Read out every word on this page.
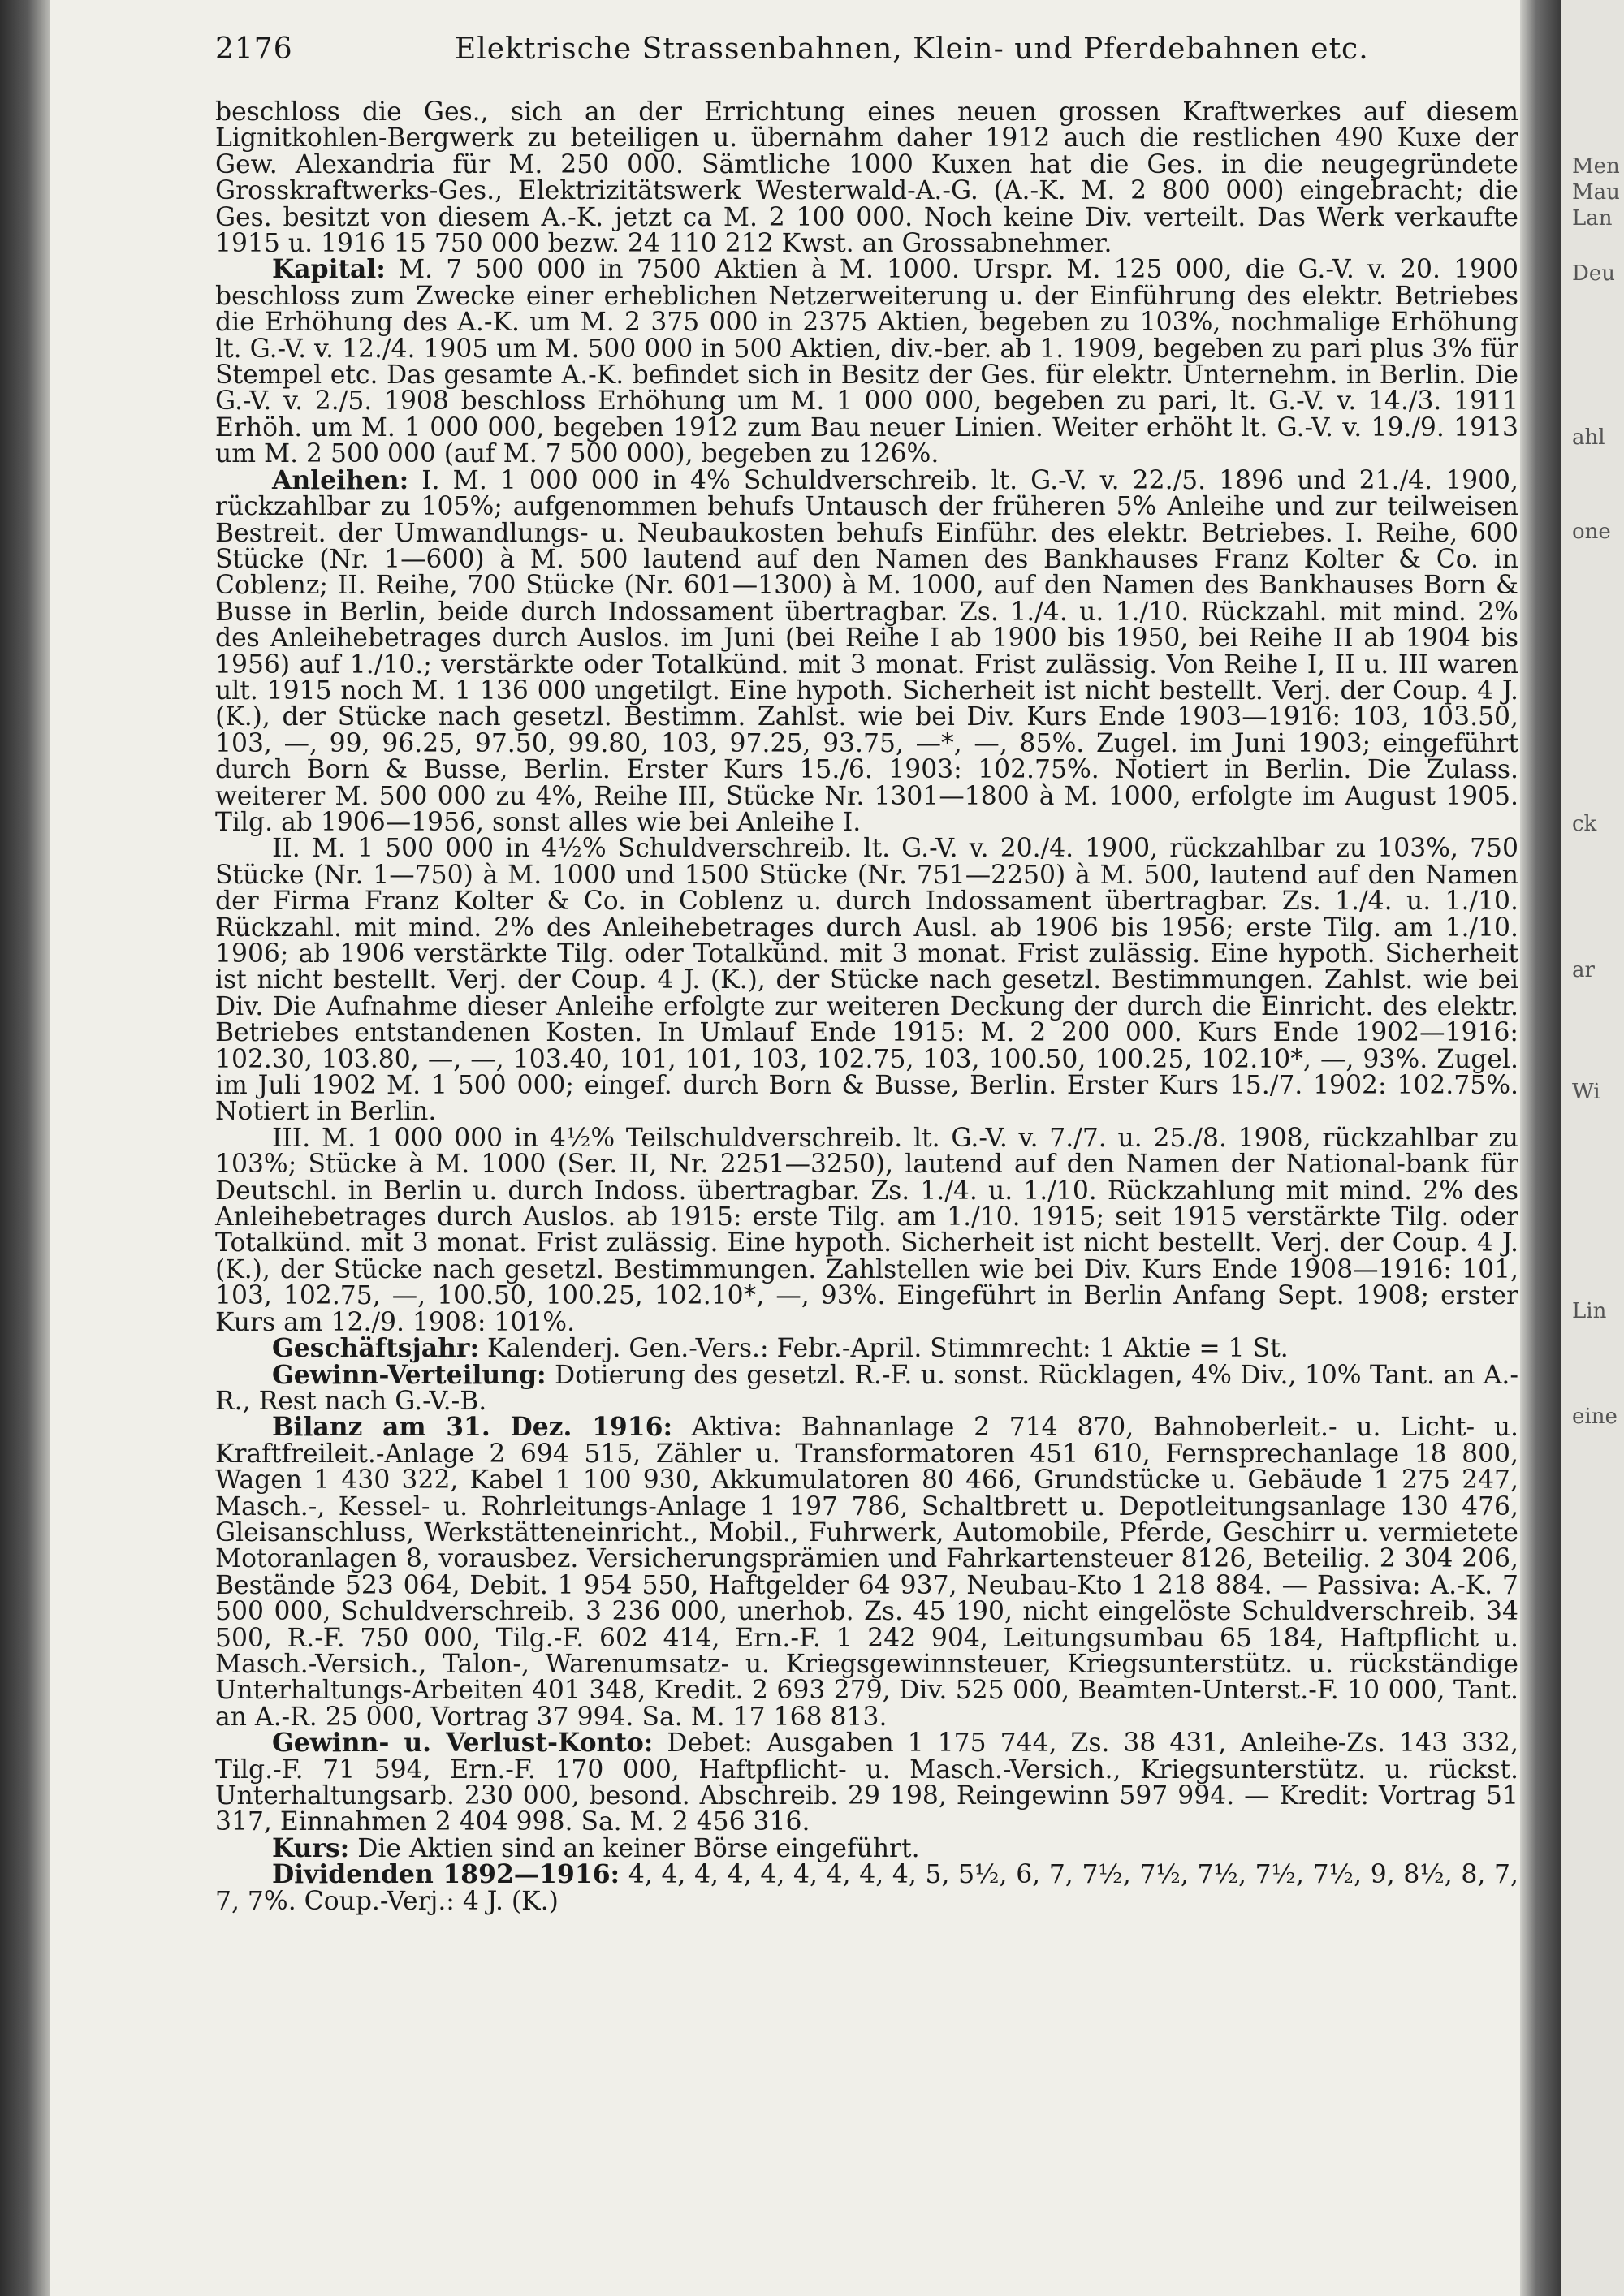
Men
Mau
Lan
Deu
ahl
one
ck
ar
Wi
Lin
eine
2176	Elektrische Strassenbahnen, Klein- und Pferdebahnen etc.

beschloss die Ges., sich an der Errichtung eines neuen grossen Kraftwerkes auf diesem Lignitkohlen-Bergwerk zu beteiligen u. übernahm daher 1912 auch die restlichen 490 Kuxe der Gew. Alexandria für M. 250 000. Sämtliche 1000 Kuxen hat die Ges. in die neugegründete Grosskraftwerks-Ges., Elektrizitätswerk Westerwald-A.-G. (A.-K. M. 2 800 000) eingebracht; die Ges. besitzt von diesem A.-K. jetzt ca M. 2 100 000. Noch keine Div. verteilt. Das Werk verkaufte 1915 u. 1916 15 750 000 bezw. 24 110 212 Kwst. an Grossabnehmer.

Kapital: M. 7 500 000 in 7500 Aktien à M. 1000. Urspr. M. 125 000, die G.-V. v. 20. 1900 beschloss zum Zwecke einer erheblichen Netzerweiterung u. der Einführung des elektr. Betriebes die Erhöhung des A.-K. um M. 2 375 000 in 2375 Aktien, begeben zu 103%, nochmalige Erhöhung lt. G.-V. v. 12./4. 1905 um M. 500 000 in 500 Aktien, div.-ber. ab 1. 1909, begeben zu pari plus 3% für Stempel etc. Das gesamte A.-K. befindet sich in Besitz der Ges. für elektr. Unternehm. in Berlin. Die G.-V. v. 2./5. 1908 beschloss Erhöhung um M. 1 000 000, begeben zu pari, lt. G.-V. v. 14./3. 1911 Erhöh. um M. 1 000 000, begeben 1912 zum Bau neuer Linien. Weiter erhöht lt. G.-V. v. 19./9. 1913 um M. 2 500 000 (auf M. 7 500 000), begeben zu 126%.

Anleihen: I. M. 1 000 000 in 4% Schuldverschreib. lt. G.-V. v. 22./5. 1896 und 21./4. 1900, rückzahlbar zu 105%; aufgenommen behufs Untausch der früheren 5% Anleihe und zur teilweisen Bestreit. der Umwandlungs- u. Neubaukosten behufs Einführ. des elektr. Betriebes. I. Reihe, 600 Stücke (Nr. 1—600) à M. 500 lautend auf den Namen des Bankhauses Franz Kolter & Co. in Coblenz; II. Reihe, 700 Stücke (Nr. 601—1300) à M. 1000, auf den Namen des Bankhauses Born & Busse in Berlin, beide durch Indossament übertragbar. Zs. 1./4. u. 1./10. Rückzahl. mit mind. 2% des Anleihebetrages durch Auslos. im Juni (bei Reihe I ab 1900 bis 1950, bei Reihe II ab 1904 bis 1956) auf 1./10.; verstärkte oder Totalkünd. mit 3 monat. Frist zulässig. Von Reihe I, II u. III waren ult. 1915 noch M. 1 136 000 ungetilgt. Eine hypoth. Sicherheit ist nicht bestellt. Verj. der Coup. 4 J. (K.), der Stücke nach gesetzl. Bestimm. Zahlst. wie bei Div. Kurs Ende 1903—1916: 103, 103.50, 103, —, 99, 96.25, 97.50, 99.80, 103, 97.25, 93.75, —*, —, 85%. Zugel. im Juni 1903; eingeführt durch Born & Busse, Berlin. Erster Kurs 15./6. 1903: 102.75%. Notiert in Berlin. Die Zulass. weiterer M. 500 000 zu 4%, Reihe III, Stücke Nr. 1301—1800 à M. 1000, erfolgte im August 1905. Tilg. ab 1906—1956, sonst alles wie bei Anleihe I.

II. M. 1 500 000 in 4½% Schuldverschreib. lt. G.-V. v. 20./4. 1900, rückzahlbar zu 103%, 750 Stücke (Nr. 1—750) à M. 1000 und 1500 Stücke (Nr. 751—2250) à M. 500, lautend auf den Namen der Firma Franz Kolter & Co. in Coblenz u. durch Indossament übertragbar. Zs. 1./4. u. 1./10. Rückzahl. mit mind. 2% des Anleihebetrages durch Ausl. ab 1906 bis 1956; erste Tilg. am 1./10. 1906; ab 1906 verstärkte Tilg. oder Totalkünd. mit 3 monat. Frist zulässig. Eine hypoth. Sicherheit ist nicht bestellt. Verj. der Coup. 4 J. (K.), der Stücke nach gesetzl. Bestimmungen. Zahlst. wie bei Div. Die Aufnahme dieser Anleihe erfolgte zur weiteren Deckung der durch die Einricht. des elektr. Betriebes entstandenen Kosten. In Umlauf Ende 1915: M. 2 200 000. Kurs Ende 1902—1916: 102.30, 103.80, —, —, 103.40, 101, 101, 103, 102.75, 103, 100.50, 100.25, 102.10*, —, 93%. Zugel. im Juli 1902 M. 1 500 000; eingef. durch Born & Busse, Berlin. Erster Kurs 15./7. 1902: 102.75%. Notiert in Berlin.

III. M. 1 000 000 in 4½% Teilschuldverschreib. lt. G.-V. v. 7./7. u. 25./8. 1908, rückzahlbar zu 103%; Stücke à M. 1000 (Ser. II, Nr. 2251—3250), lautend auf den Namen der National-bank für Deutschl. in Berlin u. durch Indoss. übertragbar. Zs. 1./4. u. 1./10. Rückzahlung mit mind. 2% des Anleihebetrages durch Auslos. ab 1915: erste Tilg. am 1./10. 1915; seit 1915 verstärkte Tilg. oder Totalkünd. mit 3 monat. Frist zulässig. Eine hypoth. Sicherheit ist nicht bestellt. Verj. der Coup. 4 J. (K.), der Stücke nach gesetzl. Bestimmungen. Zahlstellen wie bei Div. Kurs Ende 1908—1916: 101, 103, 102.75, —, 100.50, 100.25, 102.10*, —, 93%. Eingeführt in Berlin Anfang Sept. 1908; erster Kurs am 12./9. 1908: 101%.

Geschäftsjahr: Kalenderj. Gen.-Vers.: Febr.-April. Stimmrecht: 1 Aktie = 1 St.

Gewinn-Verteilung: Dotierung des gesetzl. R.-F. u. sonst. Rücklagen, 4% Div., 10% Tant. an A.-R., Rest nach G.-V.-B.

Bilanz am 31. Dez. 1916: Aktiva: Bahnanlage 2 714 870, Bahnoberleit.- u. Licht- u. Kraftfreileit.-Anlage 2 694 515, Zähler u. Transformatoren 451 610, Fernsprechanlage 18 800, Wagen 1 430 322, Kabel 1 100 930, Akkumulatoren 80 466, Grundstücke u. Gebäude 1 275 247, Masch.-, Kessel- u. Rohrleitungs-Anlage 1 197 786, Schaltbrett u. Depotleitungsanlage 130 476, Gleisanschluss, Werkstätteneinricht., Mobil., Fuhrwerk, Automobile, Pferde, Geschirr u. vermietete Motoranlagen 8, vorausbez. Versicherungsprämien und Fahrkartensteuer 8126, Beteilig. 2 304 206, Bestände 523 064, Debit. 1 954 550, Haftgelder 64 937, Neubau-Kto 1 218 884. — Passiva: A.-K. 7 500 000, Schuldverschreib. 3 236 000, unerhob. Zs. 45 190, nicht eingelöste Schuldverschreib. 34 500, R.-F. 750 000, Tilg.-F. 602 414, Ern.-F. 1 242 904, Leitungsumbau 65 184, Haftpflicht u. Masch.-Versich., Talon-, Warenumsatz- u. Kriegsgewinnsteuer, Kriegsunterstütz. u. rückständige Unterhaltungs-Arbeiten 401 348, Kredit. 2 693 279, Div. 525 000, Beamten-Unterst.-F. 10 000, Tant. an A.-R. 25 000, Vortrag 37 994. Sa. M. 17 168 813.

Gewinn- u. Verlust-Konto: Debet: Ausgaben 1 175 744, Zs. 38 431, Anleihe-Zs. 143 332, Tilg.-F. 71 594, Ern.-F. 170 000, Haftpflicht- u. Masch.-Versich., Kriegsunterstütz. u. rückst. Unterhaltungsarb. 230 000, besond. Abschreib. 29 198, Reingewinn 597 994. — Kredit: Vortrag 51 317, Einnahmen 2 404 998. Sa. M. 2 456 316.

Kurs: Die Aktien sind an keiner Börse eingeführt.

Dividenden 1892—1916: 4, 4, 4, 4, 4, 4, 4, 4, 4, 5, 5½, 6, 7, 7½, 7½, 7½, 7½, 7½, 9, 8½, 8, 7, 7, 7%. Coup.-Verj.: 4 J. (K.)
